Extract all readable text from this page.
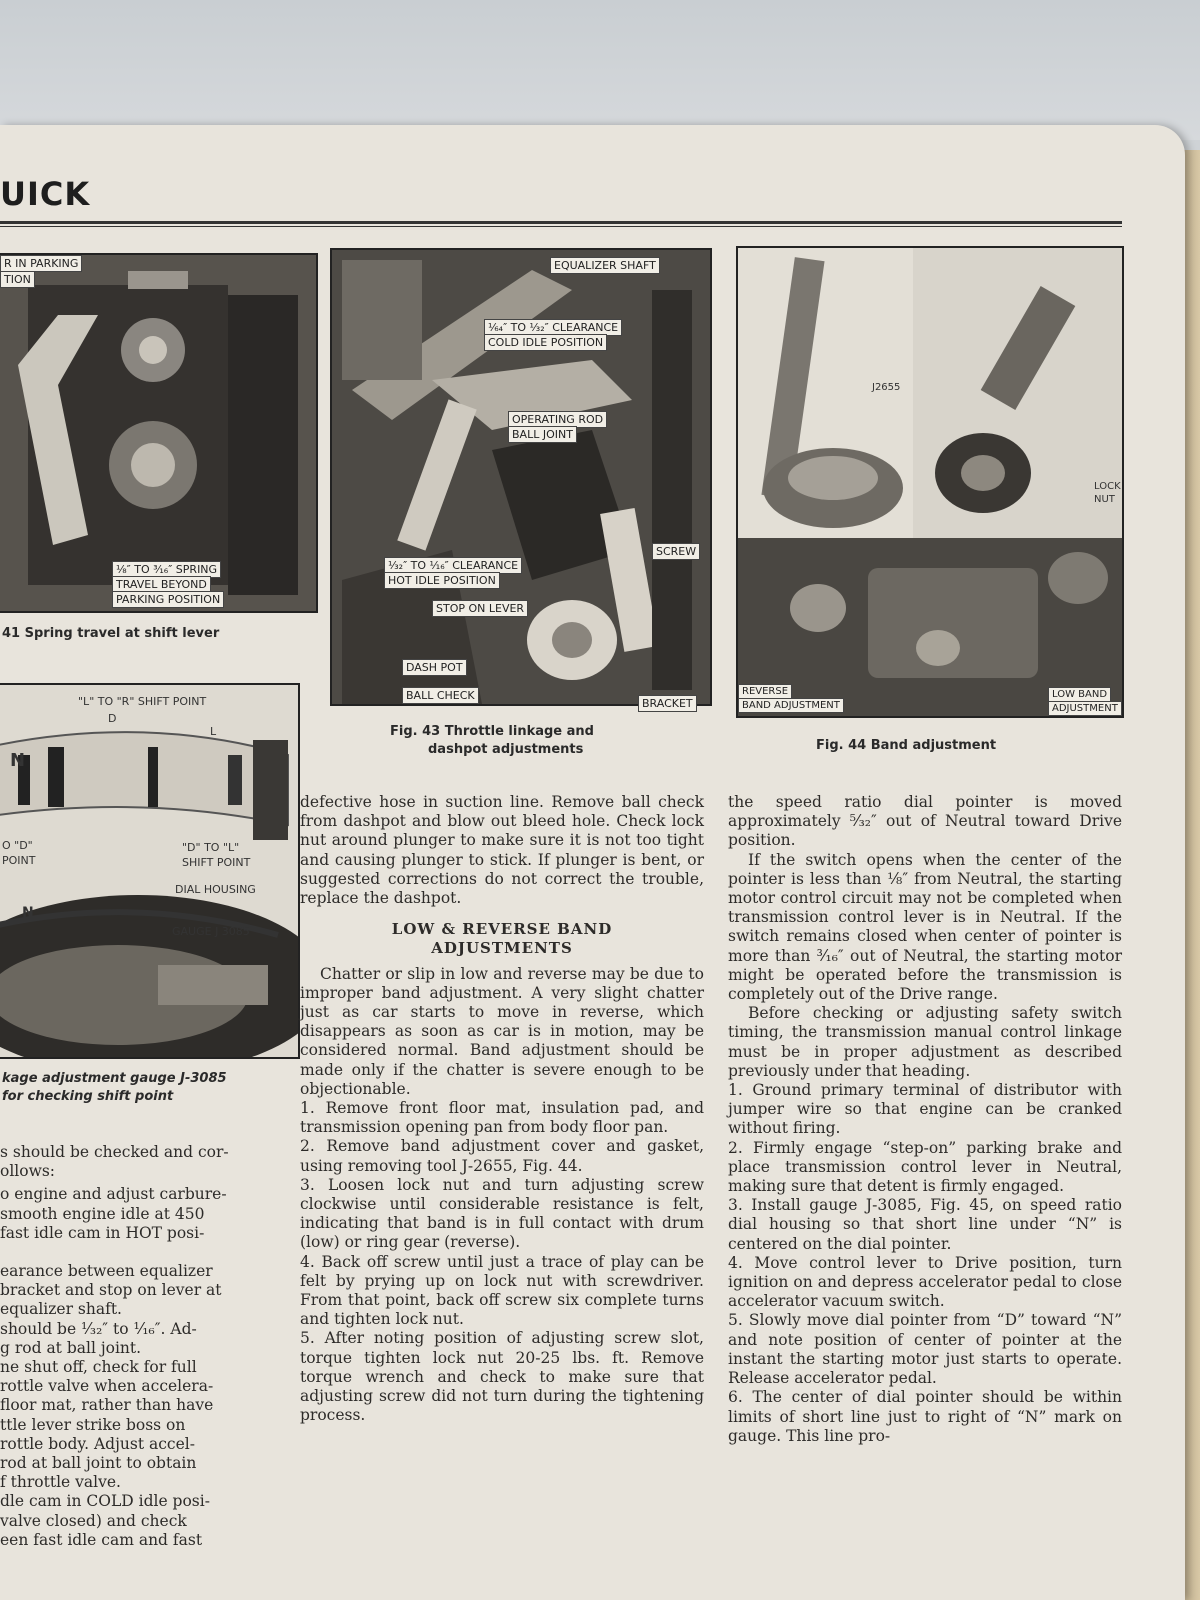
UICK
R IN PARKING
TION
¹⁄₈″ TO ³⁄₁₆″ SPRING
TRAVEL BEYOND
PARKING POSITION
41 Spring travel at shift lever
"L" TO "R" SHIFT POINT
D
L
O "D"
POINT
"D" TO "L"
SHIFT POINT
DIAL HOUSING
GAUGE J 3085
N
N
kage adjustment gauge J-3085
for checking shift point
EQUALIZER SHAFT
¹⁄₆₄″ TO ¹⁄₃₂″ CLEARANCE
COLD IDLE POSITION
OPERATING ROD
BALL JOINT
SCREW
¹⁄₃₂″ TO ¹⁄₁₆″ CLEARANCE
HOT IDLE POSITION
STOP ON LEVER
DASH POT
BALL CHECK
BRACKET
Fig. 43 Throttle linkage and
dashpot adjustments
J2655
LOCK
NUT
REVERSE
BAND ADJUSTMENT
LOW BAND
ADJUSTMENT
Fig. 44 Band adjustment

s should be checked and cor-

ollows:

o engine and adjust carbure-

smooth engine idle at 450

fast idle cam in HOT posi-

earance between equalizer

bracket and stop on lever at

equalizer shaft.

should be ¹⁄₃₂″ to ¹⁄₁₆″. Ad-

g rod at ball joint.

ne shut off, check for full

rottle valve when accelera-

floor mat, rather than have

ttle lever strike boss on

rottle body. Adjust accel-

rod at ball joint to obtain

f throttle valve.

dle cam in COLD idle posi-

valve closed) and check

een fast idle cam and fast

defective hose in suction line. Remove ball check from dashpot and blow out bleed hole. Check lock nut around plunger to make sure it is not too tight and causing plunger to stick. If plunger is bent, or suggested corrections do not correct the trouble, replace the dashpot.

LOW & REVERSE BAND
ADJUSTMENTS

Chatter or slip in low and reverse may be due to improper band adjustment. A very slight chatter just as car starts to move in reverse, which disappears as soon as car is in motion, may be considered normal. Band adjustment should be made only if the chatter is severe enough to be objectionable.

1. Remove front floor mat, insulation pad, and transmission opening pan from body floor pan.

2. Remove band adjustment cover and gasket, using removing tool J-2655, Fig. 44.

3. Loosen lock nut and turn adjusting screw clockwise until considerable resistance is felt, indicating that band is in full contact with drum (low) or ring gear (reverse).

4. Back off screw until just a trace of play can be felt by prying up on lock nut with screwdriver. From that point, back off screw six complete turns and tighten lock nut.

5. After noting position of adjusting screw slot, torque tighten lock nut 20-25 lbs. ft. Remove torque wrench and check to make sure that adjusting screw did not turn during the tightening process.

the speed ratio dial pointer is moved approximately ⁵⁄₃₂″ out of Neutral toward Drive position.

If the switch opens when the center of the pointer is less than ⅛″ from Neutral, the starting motor control circuit may not be completed when transmission control lever is in Neutral. If the switch remains closed when center of pointer is more than ³⁄₁₆″ out of Neutral, the starting motor might be operated before the transmission is completely out of the Drive range.

Before checking or adjusting safety switch timing, the transmission manual control linkage must be in proper adjustment as described previously under that heading.

1. Ground primary terminal of distributor with jumper wire so that engine can be cranked without firing.

2. Firmly engage “step-on” parking brake and place transmission control lever in Neutral, making sure that detent is firmly engaged.

3. Install gauge J-3085, Fig. 45, on speed ratio dial housing so that short line under “N” is centered on the dial pointer.

4. Move control lever to Drive position, turn ignition on and depress accelerator pedal to close accelerator vacuum switch.

5. Slowly move dial pointer from “D” toward “N” and note position of center of pointer at the instant the starting motor just starts to operate. Release accelerator pedal.

6. The center of dial pointer should be within limits of short line just to right of “N” mark on gauge. This line pro-
